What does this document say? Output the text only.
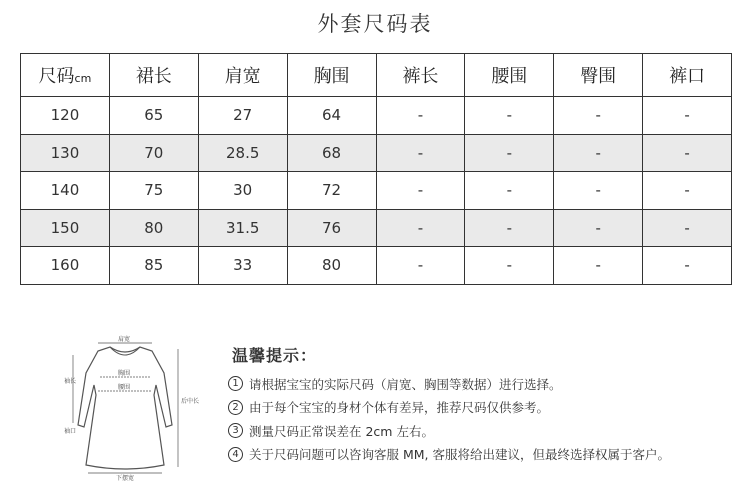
外套尺码表
尺码cm	裙长	肩宽	胸围	裤长	腰围	臀围	裤口
120	65	27	64	-	-	-	-
130	70	28.5	68	-	-	-	-
140	75	30	72	-	-	-	-
150	80	31.5	76	-	-	-	-
160	85	33	80	-	-	-	-
肩宽
胸围
腰围
袖长
袖口
后中长
下摆宽
温馨提示：
1 请根据宝宝的实际尺码（肩宽、胸围等数据）进行选择。
2 由于每个宝宝的身材个体有差异，推荐尺码仅供参考。
3 测量尺码正常误差在 2cm 左右。
4 关于尺码问题可以咨询客服 MM, 客服将给出建议，但最终选择权属于客户。
